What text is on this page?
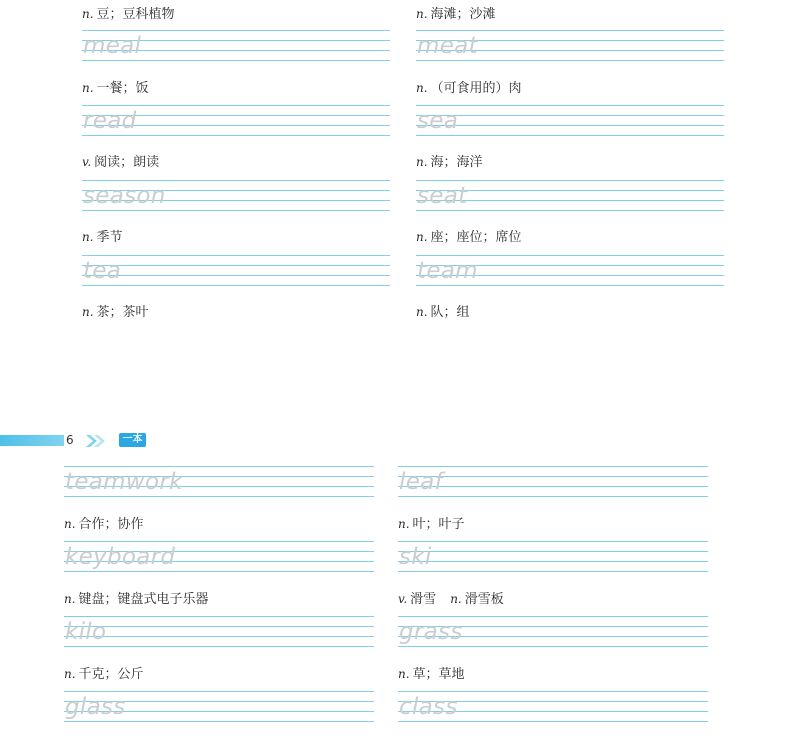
n. 豆；豆科植物
meal
n. 一餐；饭
read
v. 阅读；朗读
season
n. 季节
tea
n. 茶；茶叶
n. 海滩；沙滩
meat
n. （可食用的）肉
sea
n. 海；海洋
seat
n. 座；座位；席位
team
n. 队；组
6	一本
teamwork
n. 合作；协作
keyboard
n. 键盘；键盘式电子乐器
kilo
n. 千克；公斤
glass
leaf
n. 叶；叶子
ski
v. 滑雪 n. 滑雪板
grass
n. 草；草地
class
